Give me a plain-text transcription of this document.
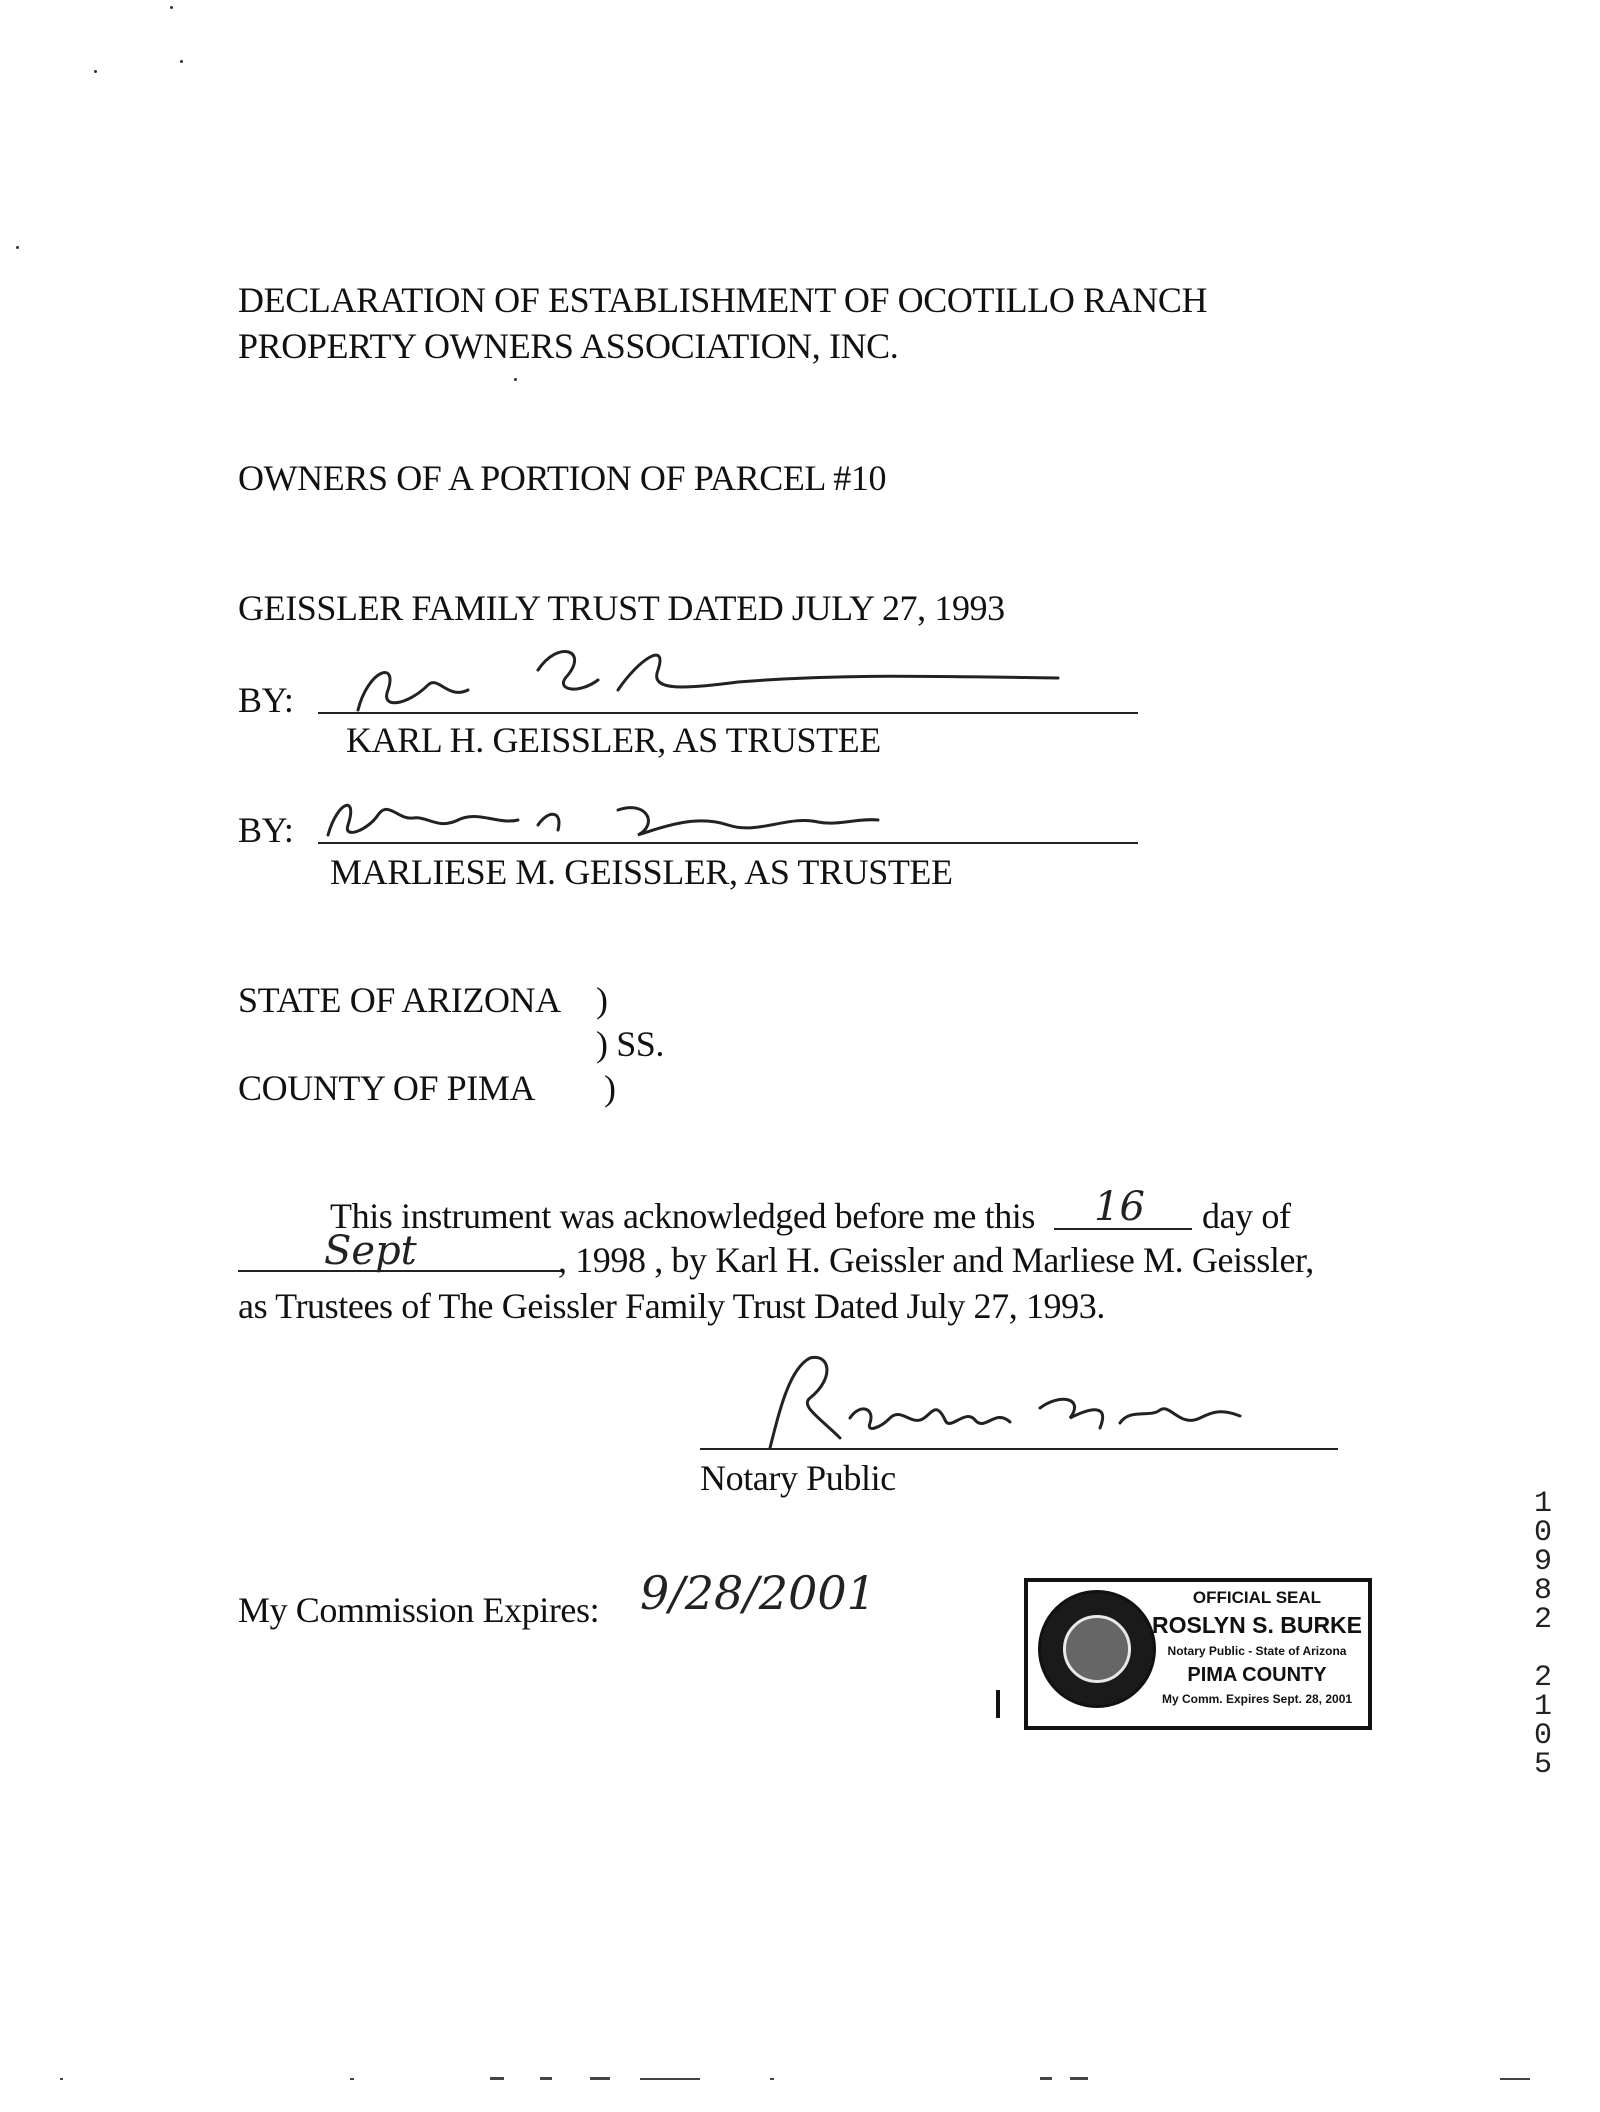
DECLARATION OF ESTABLISHMENT OF OCOTILLO RANCH
PROPERTY OWNERS ASSOCIATION, INC.
OWNERS OF A PORTION OF PARCEL #10
GEISSLER FAMILY TRUST DATED JULY 27, 1993
BY:
KARL H. GEISSLER, AS TRUSTEE
BY:
MARLIESE M. GEISSLER, AS TRUSTEE
STATE OF ARIZONA )
) SS.
COUNTY OF PIMA )
This instrument was acknowledged before me this 16 day of
Sept	, 1998 , by Karl H. Geissler and Marliese M. Geissler,
as Trustees of The Geissler Family Trust Dated July 27, 1993.
Notary Public
My Commission Expires: 9/28/2001	OFFICIAL SEAL
ROSLYN S. BURKE
Notary Public - State of Arizona
PIMA COUNTY
My Comm. Expires Sept. 28, 2001
1
0
9
8
2
2
1
0
5
